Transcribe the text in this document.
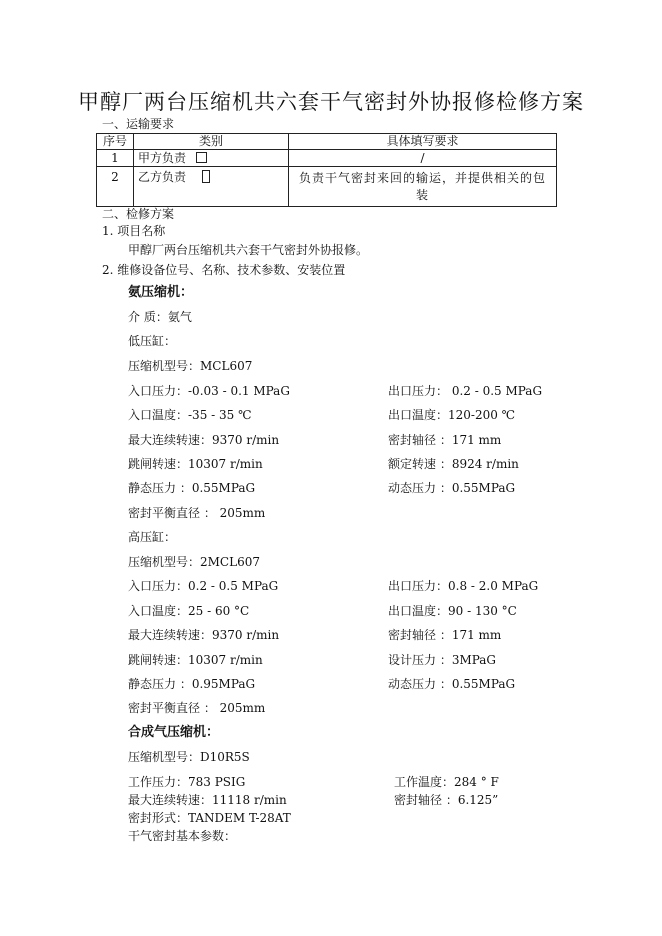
甲醇厂两台压缩机共六套干气密封外协报修检修方案
一、运输要求
序号	类别	具体填写要求
1	甲方负责	/
2	乙方负责	负责干气密封来回的输运，并提供相关的包装
二、检修方案
1. 项目名称
甲醇厂两台压缩机共六套干气密封外协报修。
2. 维修设备位号、名称、技术参数、安装位置
氨压缩机：
介 质：氨气
低压缸：
压缩机型号：MCL607
入口压力：-0.03 - 0.1 MPaG	出口压力： 0.2 - 0.5 MPaG
入口温度：-35 - 35 ℃	出口温度：120-200 ℃
最大连续转速：9370 r/min	密封轴径 ：171 mm
跳闸转速：10307 r/min	额定转速 ：8924 r/min
静态压力 ：0.55MPaG	动态压力 ：0.55MPaG
密封平衡直径 ： 205mm
高压缸：
压缩机型号：2MCL607
入口压力：0.2 - 0.5 MPaG	出口压力：0.8 - 2.0 MPaG
入口温度：25 - 60 °C	出口温度：90 - 130 °C
最大连续转速：9370 r/min	密封轴径 ：171 mm
跳闸转速：10307 r/min	设计压力 ：3MPaG
静态压力 ：0.95MPaG	动态压力 ：0.55MPaG
密封平衡直径 ： 205mm
合成气压缩机：
压缩机型号：D10R5S
工作压力：783 PSIG	工作温度：284 ° F
最大连续转速：11118 r/min	密封轴径 ：6.125”
密封形式：TANDEM T-28AT
干气密封基本参数：
